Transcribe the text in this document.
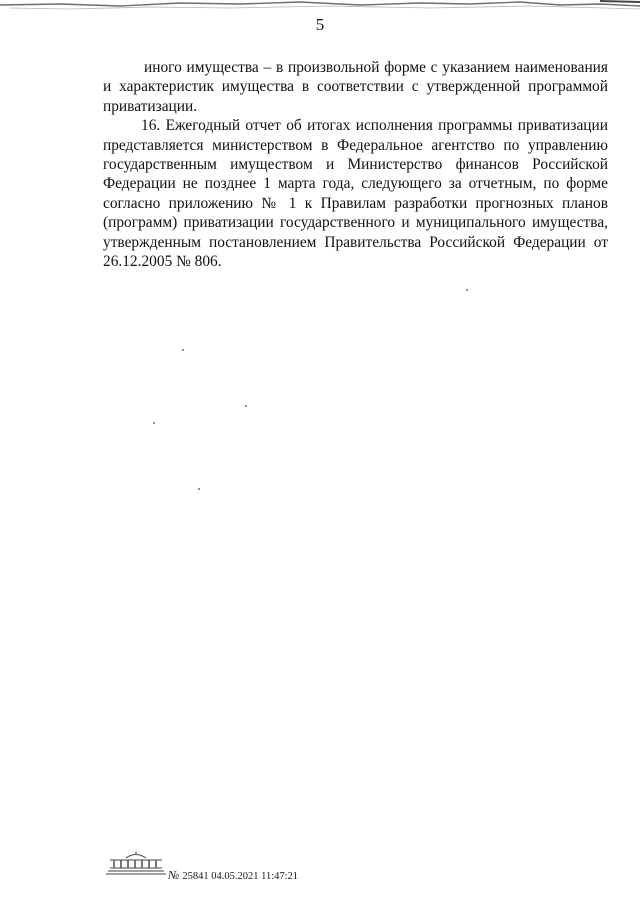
5

иного имущества – в произвольной форме с указанием наименования и характеристик имущества в соответствии с утвержденной программой приватизации.

16. Ежегодный отчет об итогах исполнения программы приватизации представляется министерством в Федеральное агентство по управлению государственным имуществом и Министерство финансов Российской Федерации не позднее 1 марта года, следующего за отчетным, по форме согласно приложению № 1 к Правилам разработки прогнозных планов (программ) приватизации государственного и муниципального имущества, утвержденным постановлением Правительства Российской Федерации от 26.12.2005 № 806.

№ 25841 04.05.2021 11:47:21
